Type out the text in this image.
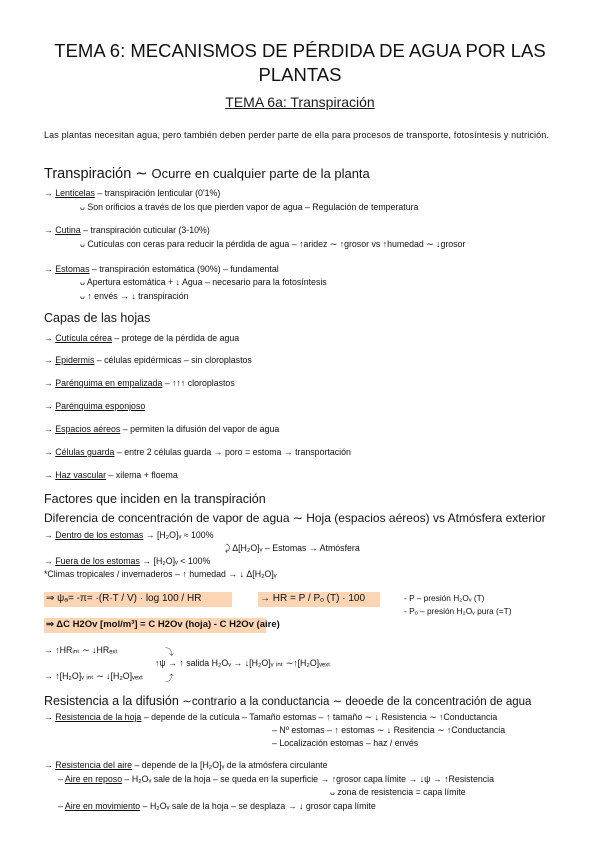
TEMA 6: MECANISMOS DE PÉRDIDA DE AGUA POR LAS
PLANTAS
TEMA 6a: Transpiración
Las plantas necesitan agua, pero también deben perder parte de ella para procesos de transporte, fotosíntesis y nutrición.
Transpiración ∼ Ocurre en cualquier parte de la planta
→ Lenticelas – transpiración lenticular (0'1%)
ᴗ Son orificios a través de los que pierden vapor de agua – Regulación de temperatura
→ Cutina – transpiración cuticular (3-10%)
ᴗ Cutículas con ceras para reducir la pérdida de agua – ↑aridez ∼ ↑grosor vs ↑humedad ∼ ↓grosor
→ Estomas – transpiración estomática (90%) – fundamental
ᴗ Apertura estomática + ↓ Agua – necesario para la fotosíntesis
ᴗ ↑ envés → ↓ transpiración
Capas de las hojas
→ Cutícula cérea – protege de la pérdida de agua
→ Epidermis – células epidérmicas – sin cloroplastos
→ Parénquima en empalizada – ↑↑↑ cloroplastos
→ Parénquima esponjoso
→ Espacios aéreos – permiten la difusión del vapor de agua
→ Células guarda – entre 2 células guarda → poro = estoma → transportación
→ Haz vascular – xilema + floema
Factores que inciden en la transpiración
Diferencia de concentración de vapor de agua ∼ Hoja (espacios aéreos) vs Atmósfera exterior
→ Dentro de los estomas → [H₂O]ᵥ ≈ 100%
⤸ Δ[H₂O]ᵥ – Estomas → Atmósfera
→ Fuera de los estomas → [H₂O]ᵥ < 100%
*Climas tropicales / invernaderos – ↑ humedad → ↓ Δ[H₂O]ᵥ
⇒ ψₐ= -π= ·(R·T / V) · log 100 / HR	→ HR = P / Pₒ (T) · 100	- P – presión H₂Oᵥ (T)
- Pₒ – presión H₂Oᵥ pura (=T)
⇒ ΔC H2Ov [mol/m³] = C H2Ov (hoja) - C H2Ov (aire)
→ ↑HRᵢₙₜ ∼ ↓HRₑₓₜ	⤵
↑ψ → ↑ salida H₂Oᵥ → ↓[H₂O]ᵥ ᵢₙₜ ∼↑[H₂O]ᵥₑₓₜ
→ ↑[H₂O]ᵥ ᵢₙₜ ∼ ↓[H₂O]ᵥₑₓₜ ⤴
Resistencia a la difusión ∼contrario a la conductancia ∼ deoede de la concentración de agua
→ Resistencia de la hoja – depende de la cutícula – Tamaño estomas – ↑ tamaño ∼ ↓ Resistencia ∼ ↑Conductancia
– Nº estomas – ↑ estomas ∼ ↓ Resitencia ∼ ↑Conductancia
– Localización estomas – haz / envés
→ Resistencia del aire – depende de la [H₂O]ᵥ de la atmósfera circulante
– Aire en reposo – H₂Oᵥ sale de la hoja – se queda en la superficie → ↑grosor capa límite → ↓ψ → ↑Resistencia
ᴗ zona de resistencia = capa límite
– Aire en movimiento – H₂Oᵥ sale de la hoja – se desplaza → ↓ grosor capa límite
